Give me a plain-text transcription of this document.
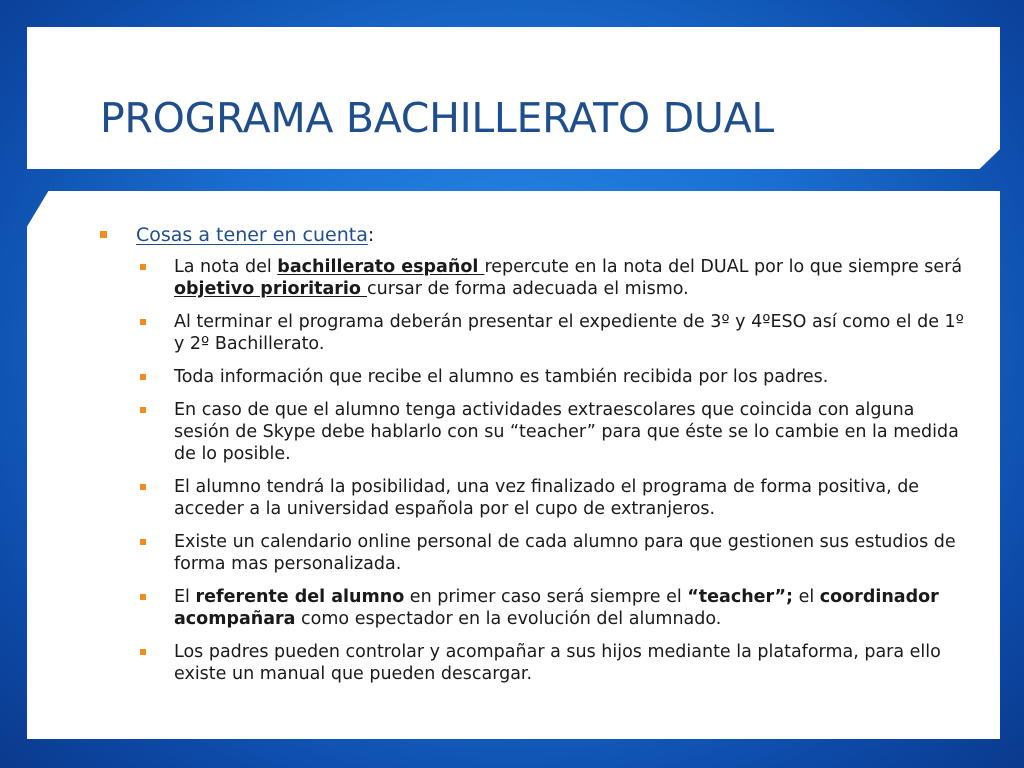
PROGRAMA BACHILLERATO DUAL
Cosas a tener en cuenta:
La nota del bachillerato español repercute en la nota del DUAL por lo que siempre será objetivo prioritario cursar de forma adecuada el mismo.
Al terminar el programa deberán presentar el expediente de 3º y 4ºESO así como el de 1º y 2º Bachillerato.
Toda información que recibe el alumno es también recibida por los padres.
En caso de que el alumno tenga actividades extraescolares que coincida con alguna sesión de Skype debe hablarlo con su “teacher” para que éste se lo cambie en la medida de lo posible.
El alumno tendrá la posibilidad, una vez finalizado el programa de forma positiva, de acceder a la universidad española por el cupo de extranjeros.
Existe un calendario online personal de cada alumno para que gestionen sus estudios de forma mas personalizada.
El referente del alumno en primer caso será siempre el “teacher”; el coordinador acompañara como espectador en la evolución del alumnado.
Los padres pueden controlar y acompañar a sus hijos mediante la plataforma, para ello existe un manual que pueden descargar.
